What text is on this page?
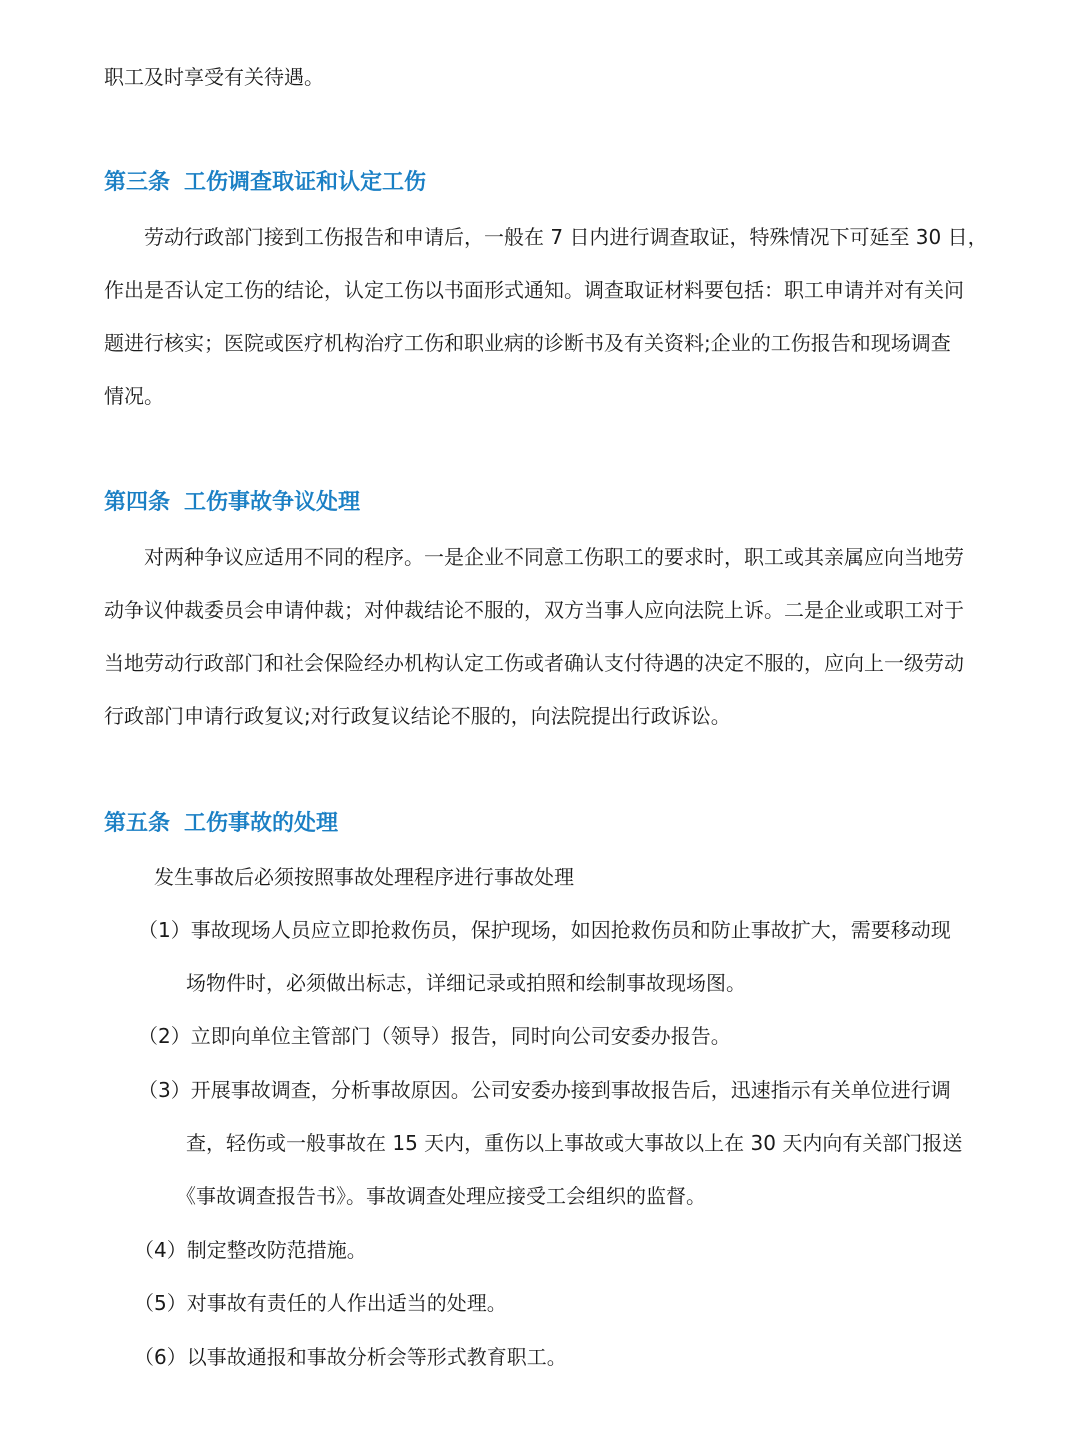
职工及时享受有关待遇。
第三条 工伤调查取证和认定工伤
劳动行政部门接到工伤报告和申请后，一般在 7 日内进行调查取证，特殊情况下可延至 30 日，
作出是否认定工伤的结论，认定工伤以书面形式通知。调查取证材料要包括：职工申请并对有关问
题进行核实；医院或医疗机构治疗工伤和职业病的诊断书及有关资料;企业的工伤报告和现场调查
情况。
第四条 工伤事故争议处理
对两种争议应适用不同的程序。一是企业不同意工伤职工的要求时，职工或其亲属应向当地劳
动争议仲裁委员会申请仲裁；对仲裁结论不服的，双方当事人应向法院上诉。二是企业或职工对于
当地劳动行政部门和社会保险经办机构认定工伤或者确认支付待遇的决定不服的，应向上一级劳动
行政部门申请行政复议;对行政复议结论不服的，向法院提出行政诉讼。
第五条 工伤事故的处理
发生事故后必须按照事故处理程序进行事故处理
（1）事故现场人员应立即抢救伤员，保护现场，如因抢救伤员和防止事故扩大，需要移动现
场物件时，必须做出标志，详细记录或拍照和绘制事故现场图。
（2）立即向单位主管部门（领导）报告，同时向公司安委办报告。
（3）开展事故调查，分析事故原因。公司安委办接到事故报告后，迅速指示有关单位进行调
查，轻伤或一般事故在 15 天内，重伤以上事故或大事故以上在 30 天内向有关部门报送
《事故调查报告书》。事故调查处理应接受工会组织的监督。
（4）制定整改防范措施。
（5）对事故有责任的人作出适当的处理。
（6）以事故通报和事故分析会等形式教育职工。
